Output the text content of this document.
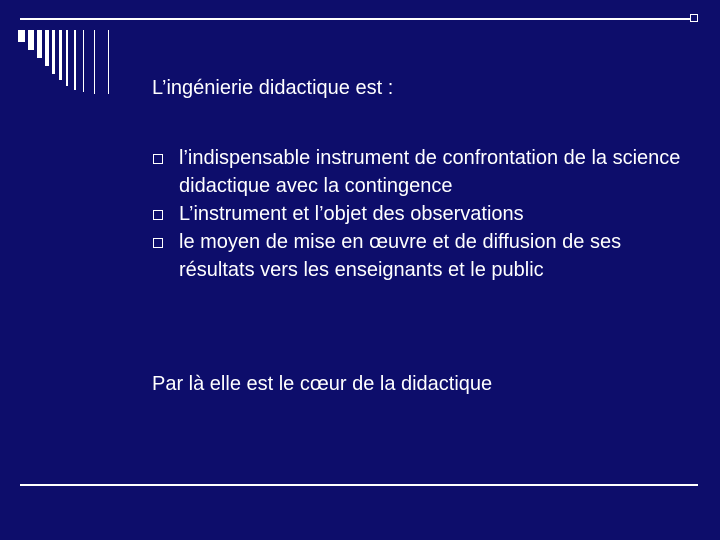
L’ingénierie didactique est :
l’indispensable instrument de confrontation de la science didactique avec la contingence
L’instrument et l’objet des observations
le moyen de mise en œuvre et de diffusion de ses résultats vers les enseignants et le public
Par là elle est le cœur de la didactique
